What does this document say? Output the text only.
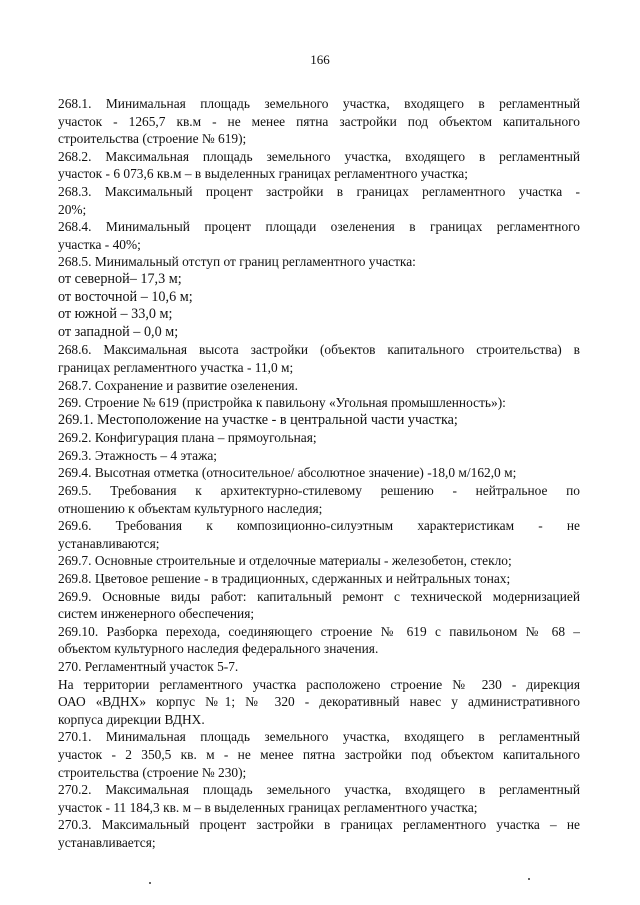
166
268.1. Минимальная площадь земельного участка, входящего в регламентный
участок - 1265,7 кв.м - не менее пятна застройки под объектом капитального
строительства (строение № 619);
268.2. Максимальная площадь земельного участка, входящего в регламентный
участок - 6 073,6 кв.м – в выделенных границах регламентного участка;
268.3. Максимальный процент застройки в границах регламентного участка -
20%;
268.4. Минимальный процент площади озеленения в границах регламентного
участка - 40%;
268.5. Минимальный отступ от границ регламентного участка:
от северной– 17,3 м;
от восточной – 10,6 м;
от южной – 33,0 м;
от западной – 0,0 м;
268.6. Максимальная высота застройки (объектов капитального строительства) в
границах регламентного участка - 11,0 м;
268.7. Сохранение и развитие озеленения.
269. Строение № 619 (пристройка к павильону «Угольная промышленность»):
269.1. Местоположение на участке - в центральной части участка;
269.2. Конфигурация плана – прямоугольная;
269.3. Этажность – 4 этажа;
269.4. Высотная отметка (относительное/ абсолютное значение) -18,0 м/162,0 м;
269.5. Требования к архитектурно-стилевому решению - нейтральное по
отношению к объектам культурного наследия;
269.6. Требования к композиционно-силуэтным характеристикам - не
устанавливаются;
269.7. Основные строительные и отделочные материалы - железобетон, стекло;
269.8. Цветовое решение - в традиционных, сдержанных и нейтральных тонах;
269.9. Основные виды работ: капитальный ремонт с технической модернизацией
систем инженерного обеспечения;
269.10. Разборка перехода, соединяющего строение № 619 с павильоном № 68 –
объектом культурного наследия федерального значения.
270. Регламентный участок 5-7.
На территории регламентного участка расположено строение № 230 - дирекция
ОАО «ВДНХ» корпус №1; № 320 - декоративный навес у административного
корпуса дирекции ВДНХ.
270.1. Минимальная площадь земельного участка, входящего в регламентный
участок - 2 350,5 кв. м - не менее пятна застройки под объектом капитального
строительства (строение № 230);
270.2. Максимальная площадь земельного участка, входящего в регламентный
участок - 11 184,3 кв. м – в выделенных границах регламентного участка;
270.3. Максимальный процент застройки в границах регламентного участка – не
устанавливается;
